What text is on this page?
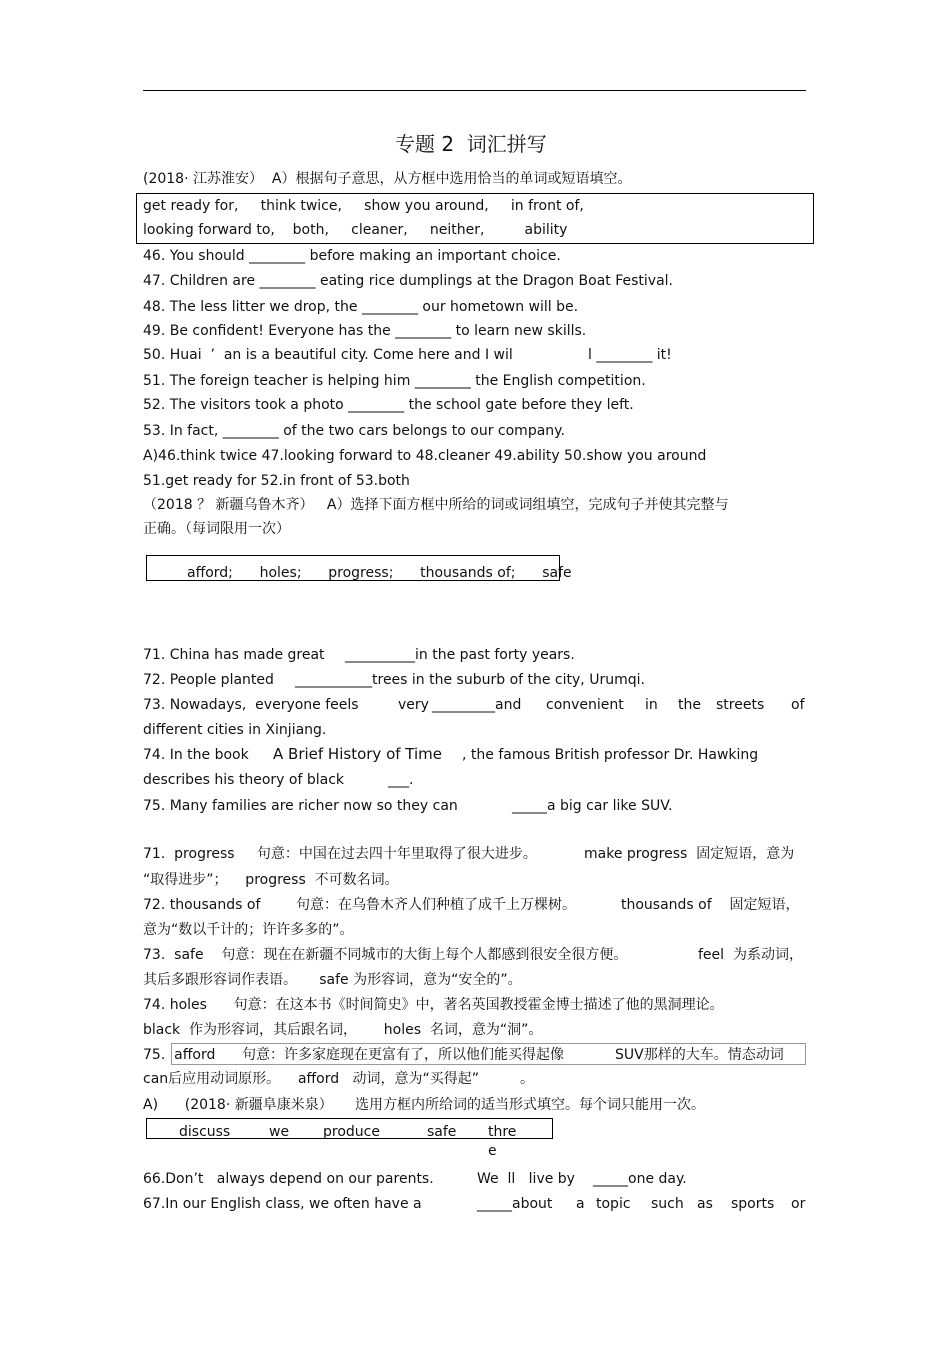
专题 2  词汇拼写
(2018· 江苏淮安）  A）根据句子意思，从方框中选用恰当的单词或短语填空。
get ready for,     think twice,     show you around,     in front of,
looking forward to,    both,     cleaner,     neither,         ability
46. You should ________ before making an important choice.
47. Children are ________ eating rice dumplings at the Dragon Boat Festival.
48. The less litter we drop, the ________ our hometown will be.
49. Be confident! Everyone has the ________ to learn new skills.
50. Huai  ’  an is a beautiful city. Come here and I wil	l ________ it!
51. The foreign teacher is helping him ________ the English competition.
52. The visitors took a photo ________ the school gate before they left.
53. In fact, ________ of the two cars belongs to our company.
A)46.think twice 47.looking forward to 48.cleaner 49.ability 50.show you around
51.get ready for 52.in front of 53.both
（2018 ？ 新疆乌鲁木齐）   A）选择下面方框中所给的词或词组填空，完成句子并使其完整与
正确。（每词限用一次）
afford;      holes;      progress;      thousands of;      safe
71. China has made great __________in the past forty years.
72. People planted ___________trees in the suburb of the city, Urumqi.
73. Nowadays,  everyone feels	very _________and convenient in the streets of
different cities in Xinjiang.
74. In the book A Brief History of Time , the famous British professor Dr. Hawking
describes his theory of black	___.
75. Many families are richer now so they can	_____a big car like SUV.
71.  progress     句意：中国在过去四十年里取得了很大进步。	make progress  固定短语，意为
“取得进步”；    progress  不可数名词。
72. thousands of        句意：在乌鲁木齐人们种植了成千上万棵树。	thousands of    固定短语，
意为“数以千计的；许许多多的”。
73.  safe    句意：现在在新疆不同城市的大街上每个人都感到很安全很方便。	feel  为系动词，
其后多跟形容词作表语。     safe 为形容词，意为“安全的”。
74. holes      句意：在这本书《时间简史》中，著名英国教授霍金博士描述了他的黑洞理论。
black  作为形容词，其后跟名词，      holes  名词，意为“洞”。
75.  afford      句意：许多家庭现在更富有了，所以他们能买得起像	SUV那样的大车。情态动词
can后应用动词原形。    afford   动词，意为“买得起”	。
A)      (2018· 新疆阜康米泉）     选用方框内所给词的适当形式填空。每个词只能用一次。
discuss	we produce	safe thre
e
66.Don’t   always depend on our parents.	We  ll   live by _____one day.
67.In our English class, we often have a	_____about a topic such as sports or
